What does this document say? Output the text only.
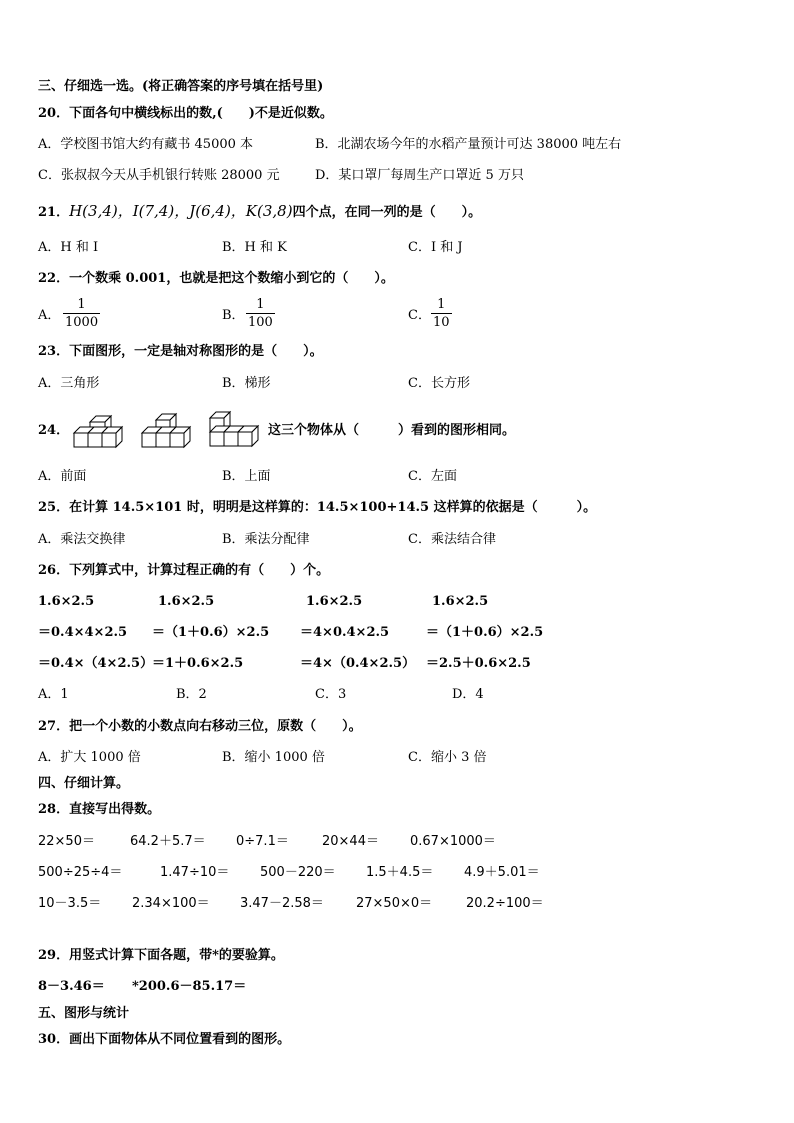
三、仔细选一选。(将正确答案的序号填在括号里)
20．下面各句中横线标出的数,(　　)不是近似数。
A．学校图书馆大约有藏书 45000 本	B．北湖农场今年的水稻产量预计可达 38000 吨左右
C．张叔叔今天从手机银行转账 28000 元	D．某口罩厂每周生产口罩近 5 万只
21．H(3,4)，I(7,4)，J(6,4)，K(3,8)四个点，在同一列的是（　　）。
A．H 和 I	B．H 和 K	C．I 和 J
22．一个数乘 0.001，也就是把这个数缩小到它的（　　）。
A．
1
1000	B．
1
100	C．
1
10
23．下面图形，一定是轴对称图形的是（　　）。
A．三角形	B．梯形	C．长方形
24．	这三个物体从（　　　）看到的图形相同。
A．前面	B．上面	C．左面
25．在计算 14.5×101 时，明明是这样算的：14.5×100+14.5 这样算的依据是（　　　）。
A．乘法交换律	B．乘法分配律	C．乘法结合律
26．下列算式中，计算过程正确的有（　　）个。
1.6×2.5
＝0.4×4×2.5
＝0.4×（4×2.5）
1.6×2.5
＝（1＋0.6）×2.5
＝1＋0.6×2.5
1.6×2.5
＝4×0.4×2.5
＝4×（0.4×2.5）
1.6×2.5
＝（1＋0.6）×2.5
＝2.5＋0.6×2.5
A．1	B．2	C．3	D．4
27．把一个小数的小数点向右移动三位，原数（　　）。
A．扩大 1000 倍	B．缩小 1000 倍	C．缩小 3 倍
四、仔细计算。
28．直接写出得数。
22×50＝	64.2＋5.7＝ 0÷7.1＝	20×44＝ 0.67×1000＝
500÷25÷4＝	1.47÷10＝ 500－220＝ 1.5＋4.5＝ 4.9＋5.01＝
10－3.5＝ 2.34×100＝ 3.47－2.58＝ 27×50×0＝	20.2÷100＝
29．用竖式计算下面各题，带*的要验算。
8－3.46＝ *200.6－85.17＝
五、图形与统计
30．画出下面物体从不同位置看到的图形。
